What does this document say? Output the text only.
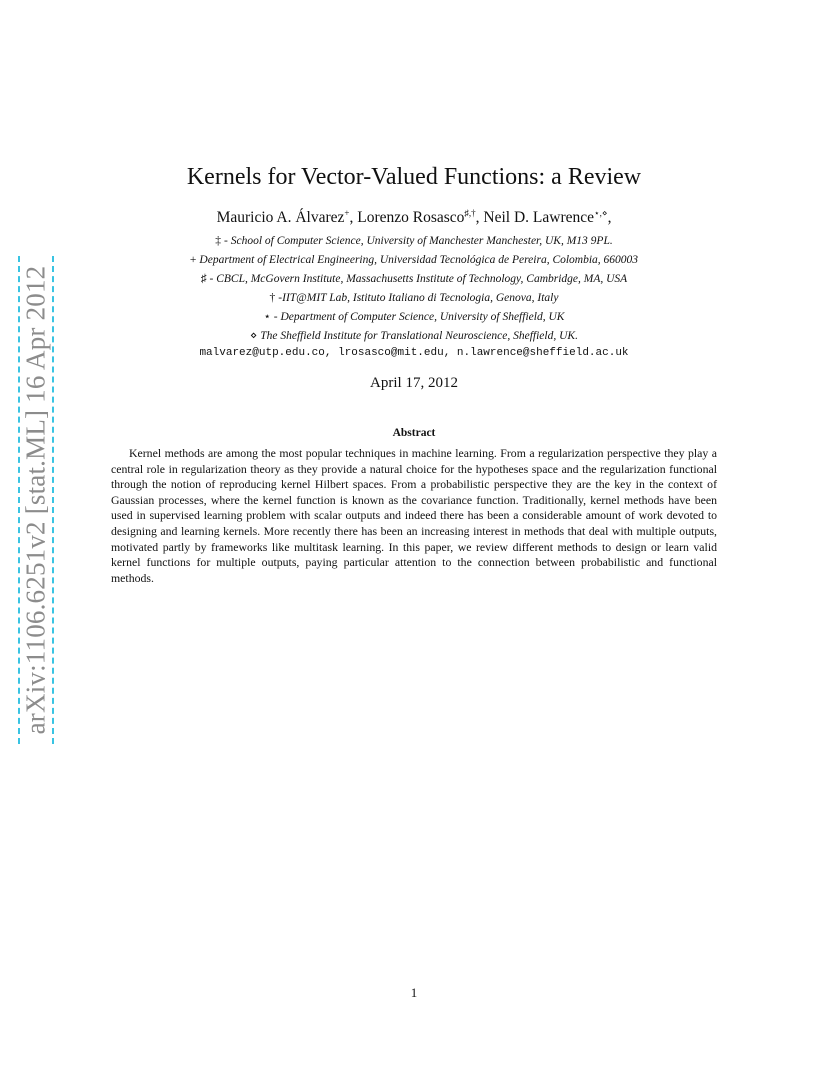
arXiv:1106.6251v2 [stat.ML] 16 Apr 2012
Kernels for Vector-Valued Functions: a Review
Mauricio A. Álvarez+, Lorenzo Rosasco♯,†, Neil D. Lawrence⋆,⋄,
‡ - School of Computer Science, University of Manchester Manchester, UK, M13 9PL.
+ Department of Electrical Engineering, Universidad Tecnológica de Pereira, Colombia, 660003
♯ - CBCL, McGovern Institute, Massachusetts Institute of Technology, Cambridge, MA, USA
† -IIT@MIT Lab, Istituto Italiano di Tecnologia, Genova, Italy
⋆ - Department of Computer Science, University of Sheffield, UK
⋄ The Sheffield Institute for Translational Neuroscience, Sheffield, UK.
malvarez@utp.edu.co, lrosasco@mit.edu, n.lawrence@sheffield.ac.uk
April 17, 2012
Abstract

Kernel methods are among the most popular techniques in machine learning. From a regularization perspective they play a central role in regularization theory as they provide a natural choice for the hypotheses space and the regularization functional through the notion of reproducing kernel Hilbert spaces. From a probabilistic perspective they are the key in the context of Gaussian processes, where the kernel function is known as the covariance function. Traditionally, kernel methods have been used in supervised learning problem with scalar outputs and indeed there has been a considerable amount of work devoted to designing and learning kernels. More recently there has been an increasing interest in methods that deal with multiple outputs, motivated partly by frameworks like multitask learning. In this paper, we review different methods to design or learn valid kernel functions for multiple outputs, paying particular attention to the connection between probabilistic and functional methods.

1
